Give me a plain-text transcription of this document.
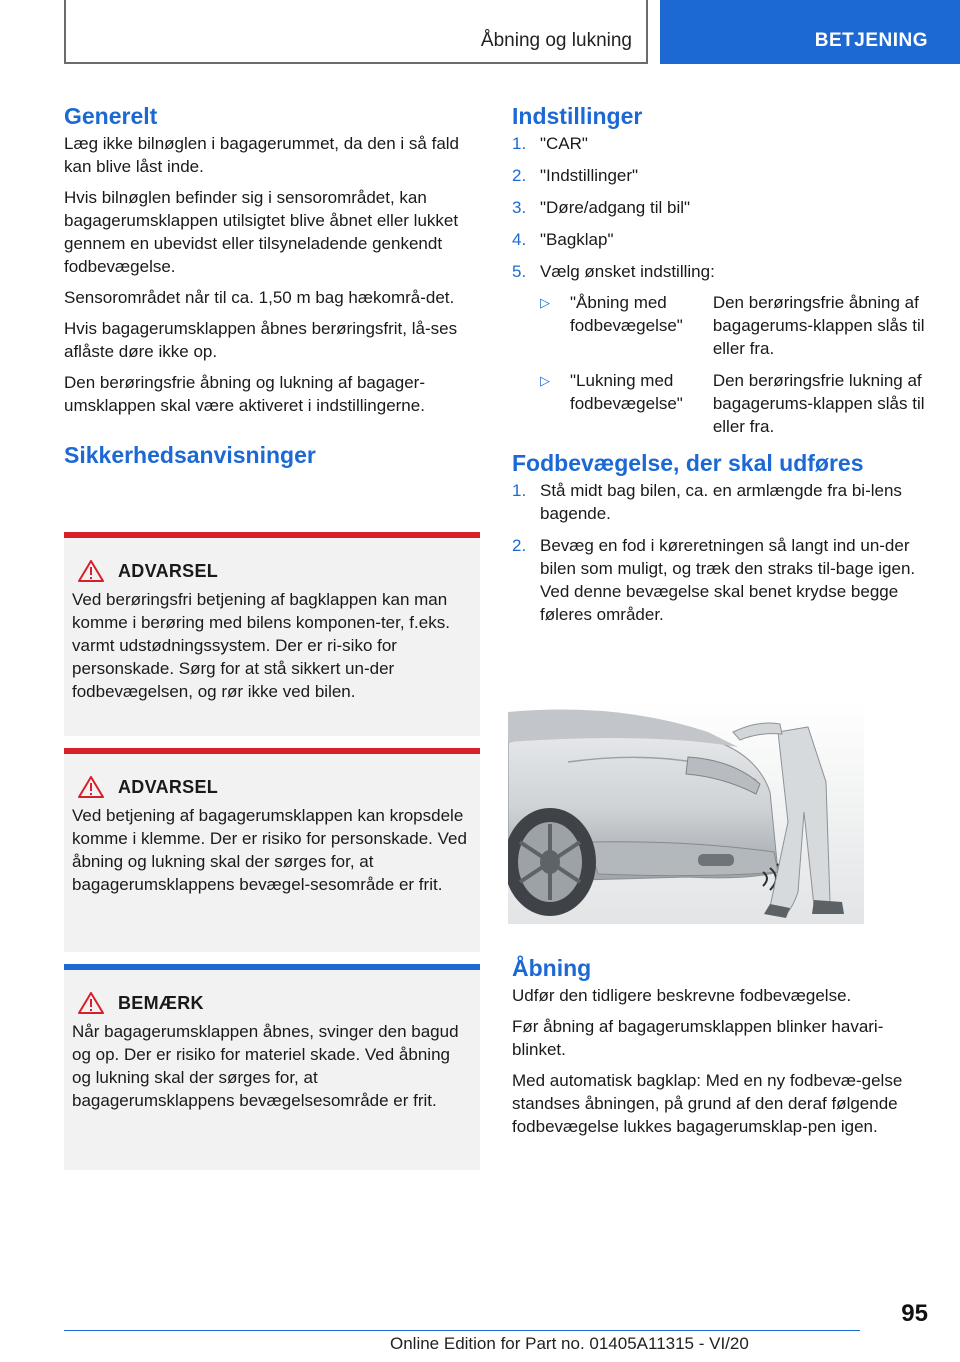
Åbning og lukning	BETJENING
Generelt

Læg ikke bilnøglen i bagagerummet, da den i så fald kan blive låst inde.

Hvis bilnøglen befinder sig i sensorområdet, kan bagagerumsklappen utilsigtet blive åbnet eller lukket gennem en ubevidst eller tilsyneladende genkendt fodbevægelse.

Sensorområdet når til ca. 1,50 m bag hækområ-det.

Hvis bagagerumsklappen åbnes berøringsfrit, lå-ses aflåste døre ikke op.

Den berøringsfrie åbning og lukning af bagager-umsklappen skal være aktiveret i indstillingerne.

Sikkerhedsanvisninger
ADVARSEL

Ved berøringsfri betjening af bagklappen kan man komme i berøring med bilens komponen-ter, f.eks. varmt udstødningssystem. Der er ri-siko for personskade. Sørg for at stå sikkert un-der fodbevægelsen, og rør ikke ved bilen.

ADVARSEL

Ved betjening af bagagerumsklappen kan kropsdele komme i klemme. Der er risiko for personskade. Ved åbning og lukning skal der sørges for, at bagagerumsklappens bevægel-sesområde er frit.

BEMÆRK

Når bagagerumsklappen åbnes, svinger den bagud og op. Der er risiko for materiel skade. Ved åbning og lukning skal der sørges for, at bagagerumsklappens bevægelsesområde er frit.

Indstillinger
1. "CAR"
2. "Indstillinger"
3. "Døre/adgang til bil"
4. "Bagklap"
5. Vælg ønsket indstilling:
▷	"Åbning med fodbevægelse"
Den berøringsfrie åbning af bagagerums-klappen slås til eller fra.
▷	"Lukning med fodbevægelse"
Den berøringsfrie lukning af bagagerums-klappen slås til eller fra.
Fodbevægelse, der skal udføres
1. Stå midt bag bilen, ca. en armlængde fra bi-lens bagende.
2. Bevæg en fod i køreretningen så langt ind un-der bilen som muligt, og træk den straks til-bage igen. Ved denne bevægelse skal benet krydse begge føleres områder.
Åbning

Udfør den tidligere beskrevne fodbevægelse.

Før åbning af bagagerumsklappen blinker havari-blinket.

Med automatisk bagklap: Med en ny fodbevæ-gelse standses åbningen, på grund af den deraf følgende fodbevægelse lukkes bagagerumsklap-pen igen.

95
Online Edition for Part no. 01405A11315 - VI/20
